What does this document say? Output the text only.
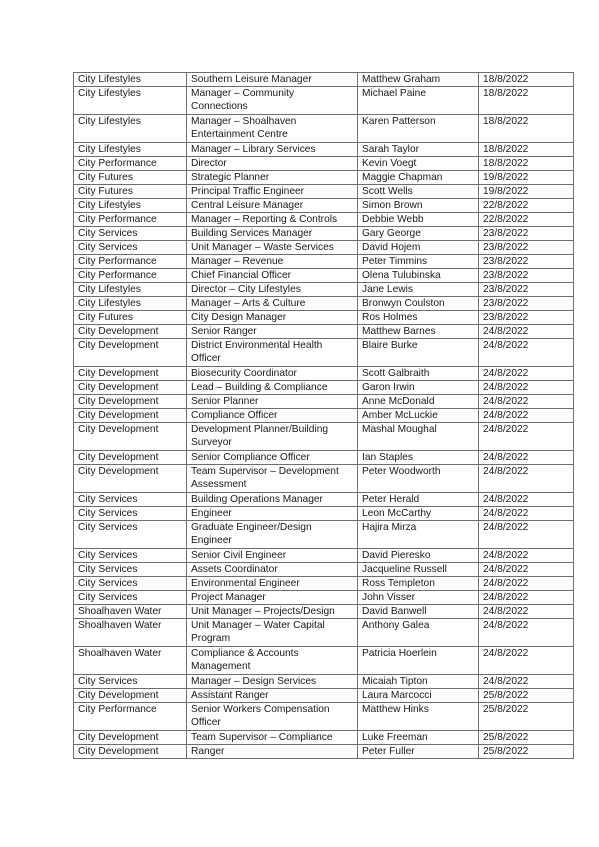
City Lifestyles	Southern Leisure Manager	Matthew Graham	18/8/2022
City Lifestyles	Manager – Community Connections	Michael Paine	18/8/2022
City Lifestyles	Manager – Shoalhaven Entertainment Centre	Karen Patterson	18/8/2022
City Lifestyles	Manager – Library Services	Sarah Taylor	18/8/2022
City Performance	Director	Kevin Voegt	18/8/2022
City Futures	Strategic Planner	Maggie Chapman	19/8/2022
City Futures	Principal Traffic Engineer	Scott Wells	19/8/2022
City Lifestyles	Central Leisure Manager	Simon Brown	22/8/2022
City Performance	Manager – Reporting & Controls	Debbie Webb	22/8/2022
City Services	Building Services Manager	Gary George	23/8/2022
City Services	Unit Manager – Waste Services	David Hojem	23/8/2022
City Performance	Manager – Revenue	Peter Timmins	23/8/2022
City Performance	Chief Financial Officer	Olena Tulubinska	23/8/2022
City Lifestyles	Director – City Lifestyles	Jane Lewis	23/8/2022
City Lifestyles	Manager – Arts & Culture	Bronwyn Coulston	23/8/2022
City Futures	City Design Manager	Ros Holmes	23/8/2022
City Development	Senior Ranger	Matthew Barnes	24/8/2022
City Development	District Environmental Health Officer	Blaire Burke	24/8/2022
City Development	Biosecurity Coordinator	Scott Galbraith	24/8/2022
City Development	Lead – Building & Compliance	Garon Irwin	24/8/2022
City Development	Senior Planner	Anne McDonald	24/8/2022
City Development	Compliance Officer	Amber McLuckie	24/8/2022
City Development	Development Planner/Building Surveyor	Mashal Moughal	24/8/2022
City Development	Senior Compliance Officer	Ian Staples	24/8/2022
City Development	Team Supervisor – Development Assessment	Peter Woodworth	24/8/2022
City Services	Building Operations Manager	Peter Herald	24/8/2022
City Services	Engineer	Leon McCarthy	24/8/2022
City Services	Graduate Engineer/Design Engineer	Hajira Mirza	24/8/2022
City Services	Senior Civil Engineer	David Pieresko	24/8/2022
City Services	Assets Coordinator	Jacqueline Russell	24/8/2022
City Services	Environmental Engineer	Ross Templeton	24/8/2022
City Services	Project Manager	John Visser	24/8/2022
Shoalhaven Water	Unit Manager – Projects/Design	David Banwell	24/8/2022
Shoalhaven Water	Unit Manager – Water Capital Program	Anthony Galea	24/8/2022
Shoalhaven Water	Compliance & Accounts Management	Patricia Hoerlein	24/8/2022
City Services	Manager – Design Services	Micaiah Tipton	24/8/2022
City Development	Assistant Ranger	Laura Marcocci	25/8/2022
City Performance	Senior Workers Compensation Officer	Matthew Hinks	25/8/2022
City Development	Team Supervisor – Compliance	Luke Freeman	25/8/2022
City Development	Ranger	Peter Fuller	25/8/2022
